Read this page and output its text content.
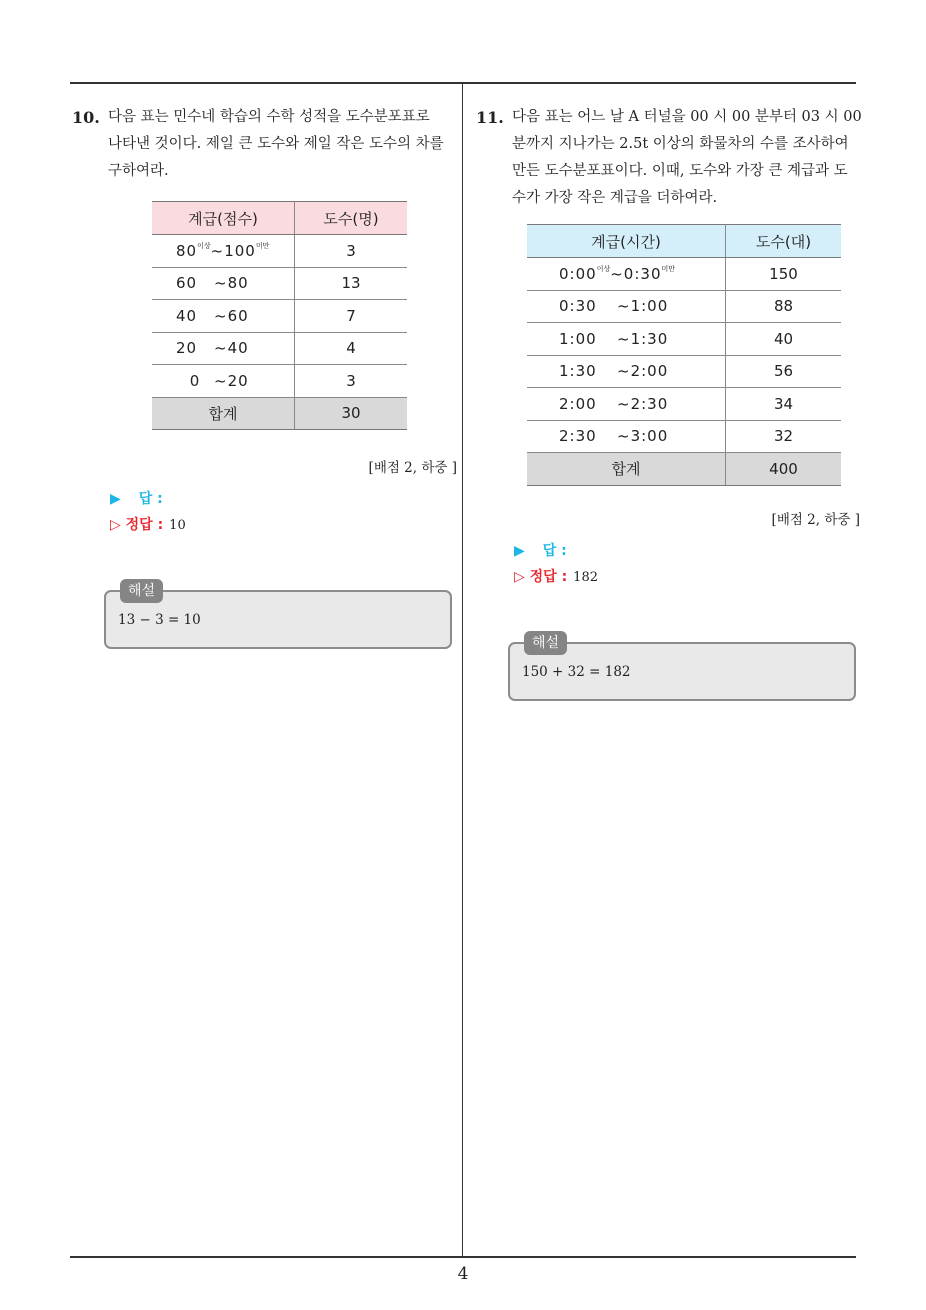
10. 다음 표는 민수네 학습의 수학 성적을 도수분포표로
나타낸 것이다. 제일 큰 도수와 제일 작은 도수의 차를
구하여라.
계급(점수)	도수(명)
$80^{이상}\sim 100^{미만}$	3
60 ~80	13
40 ~60	7
20 ~40	4
0 ~20	3
합계	30
[배점 2, 하중 ]
▶ 답 :
▷ 정답 : 10
해설
13 − 3 = 10
11. 다음 표는 어느 날 A 터널을 00 시 00 분부터 03 시 00
분까지 지나가는 2.5t 이상의 화물차의 수를 조사하여
만든 도수분포표이다. 이때, 도수와 가장 큰 계급과 도
수가 가장 작은 계급을 더하여라.
계급(시간)	도수(대)
$0:00^{이상}\sim 0:30^{미만}$	150
0:30 ~1:00	88
1:00 ~1:30	40
1:30 ~2:00	56
2:00 ~2:30	34
2:30 ~3:00	32
합계	400
[배점 2, 하중 ]
▶ 답 :
▷ 정답 : 182
해설
150 + 32 = 182
4
